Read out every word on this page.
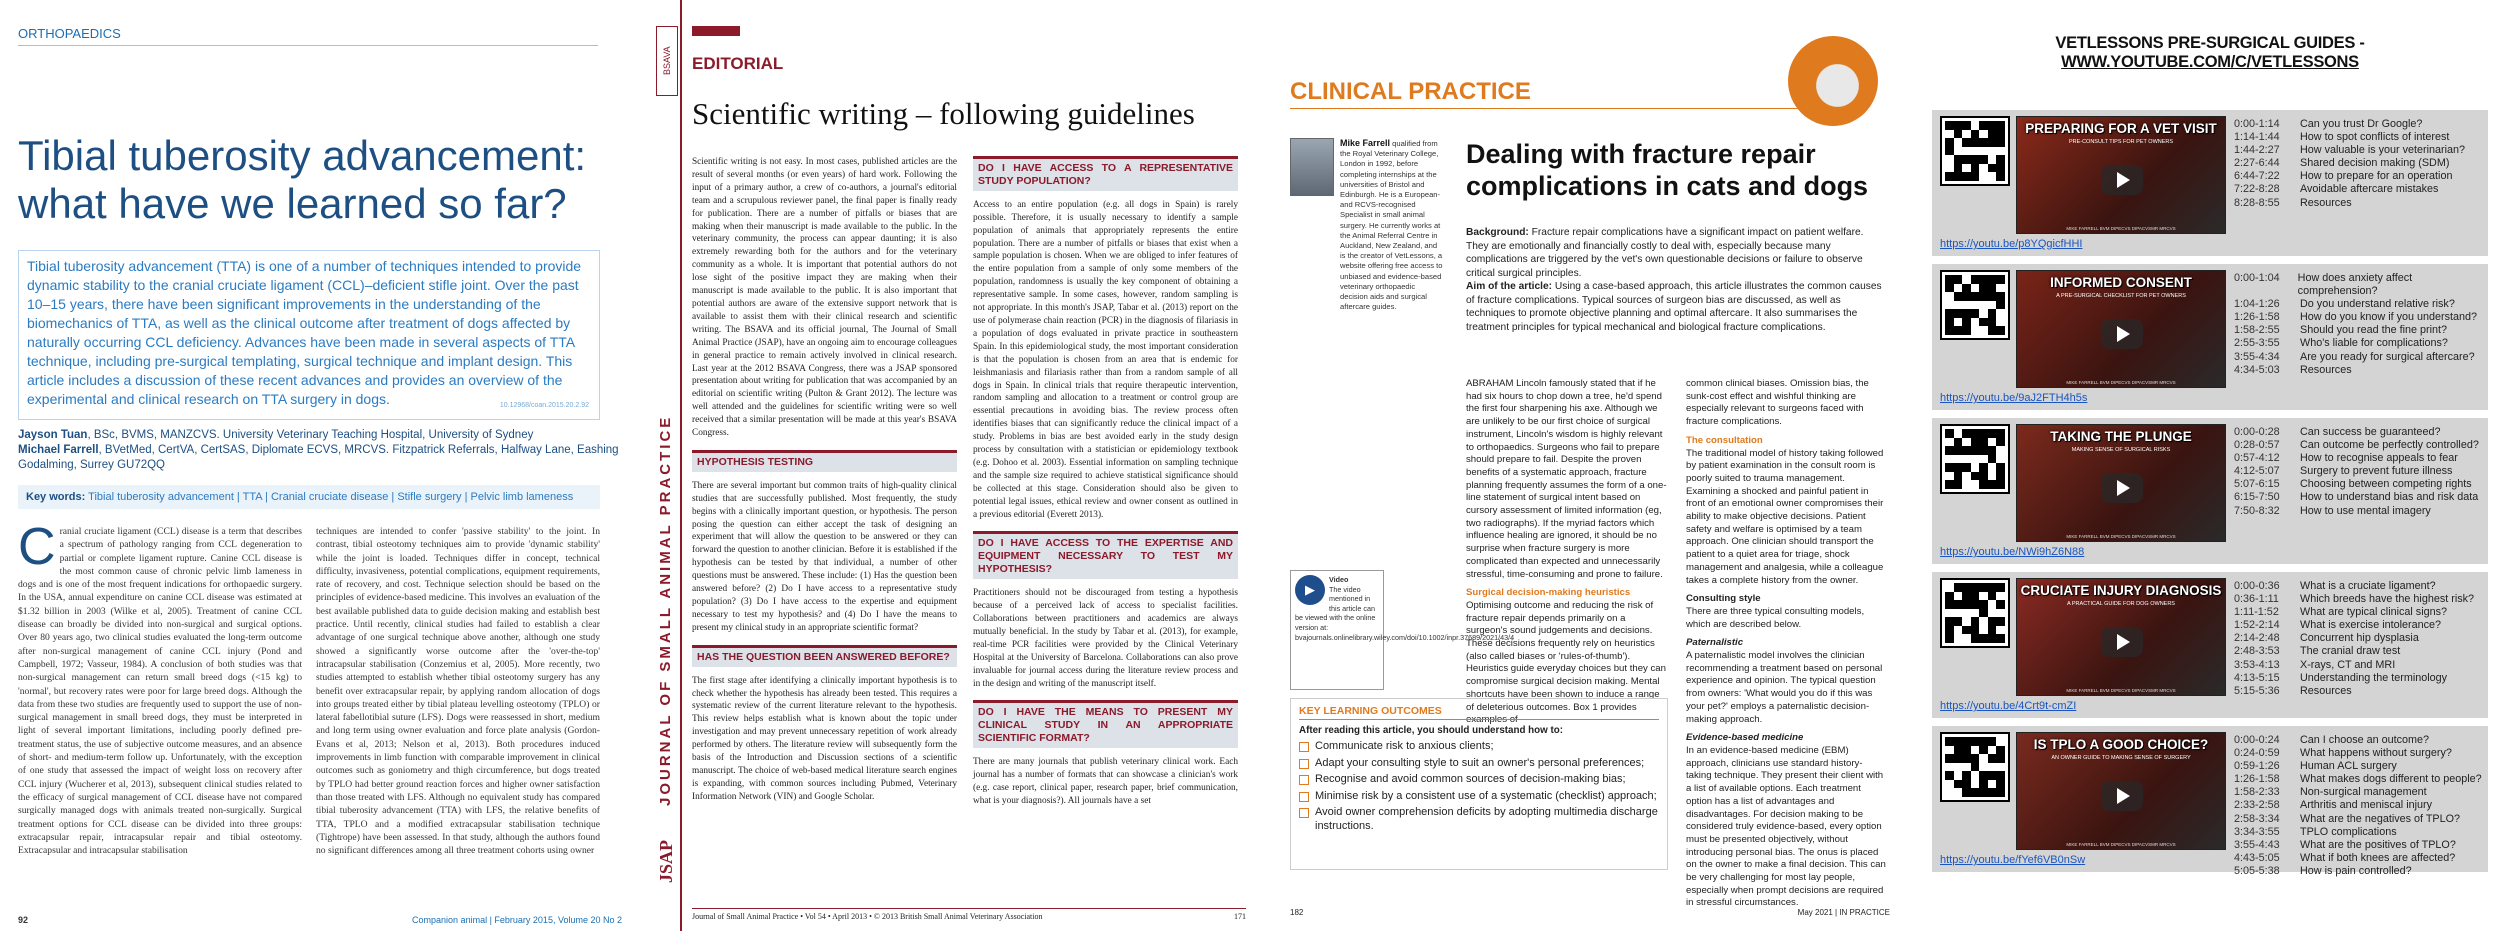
ORTHOPAEDICS
Tibial tuberosity advancement: what have we learned so far?
Tibial tuberosity advancement (TTA) is one of a number of techniques intended to provide dynamic stability to the cranial cruciate ligament (CCL)–deficient stifle joint. Over the past 10–15 years, there have been significant improvements in the understanding of the biomechanics of TTA, as well as the clinical outcome after treatment of dogs affected by naturally occurring CCL deficiency. Advances have been made in several aspects of TTA technique, including pre-surgical templating, surgical technique and implant design. This article includes a discussion of these recent advances and provides an overview of the experimental and clinical research on TTA surgery in dogs.	10.12968/coan.2015.20.2.92
Jayson Tuan, BSc, BVMS, MANZCVS. University Veterinary Teaching Hospital, University of Sydney
Michael Farrell, BVetMed, CertVA, CertSAS, Diplomate ECVS, MRCVS. Fitzpatrick Referrals, Halfway Lane, Eashing Godalming, Surrey GU72QQ
Key words: Tibial tuberosity advancement | TTA | Cranial cruciate disease | Stifle surgery | Pelvic limb lameness
Cranial cruciate ligament (CCL) disease is a term that describes a spectrum of pathology ranging from CCL degeneration to partial or complete ligament rupture. Canine CCL disease is the most common cause of chronic pelvic limb lameness in dogs and is one of the most frequent indications for orthopaedic surgery. In the USA, annual expenditure on canine CCL disease was estimated at $1.32 billion in 2003 (Wilke et al, 2005). Treatment of canine CCL disease can broadly be divided into non-surgical and surgical options. Over 80 years ago, two clinical studies evaluated the long-term outcome after non-surgical management of canine CCL injury (Pond and Campbell, 1972; Vasseur, 1984). A conclusion of both studies was that non-surgical management can return small breed dogs (<15 kg) to 'normal', but recovery rates were poor for large breed dogs. Although the data from these two studies are frequently used to support the use of non-surgical management in small breed dogs, they must be interpreted in light of several important limitations, including poorly defined pre-treatment status, the use of subjective outcome measures, and an absence of short- and medium-term follow up. Unfortunately, with the exception of one study that assessed the impact of weight loss on recovery after CCL injury (Wucherer et al, 2013), subsequent clinical studies related to the efficacy of surgical management of CCL disease have not compared surgically managed dogs with animals treated non-surgically. Surgical treatment options for CCL disease can be divided into three groups: extracapsular repair, intracapsular repair and tibial osteotomy. Extracapsular and intracapsular stabilisation
techniques are intended to confer 'passive stability' to the joint. In contrast, tibial osteotomy techniques aim to provide 'dynamic stability' while the joint is loaded. Techniques differ in concept, technical difficulty, invasiveness, potential complications, equipment requirements, rate of recovery, and cost. Technique selection should be based on the principles of evidence-based medicine. This involves an evaluation of the best available published data to guide decision making and establish best practice. Until recently, clinical studies had failed to establish a clear advantage of one surgical technique above another, although one study showed a significantly worse outcome after the 'over-the-top' intracapsular stabilisation (Conzemius et al, 2005). More recently, two studies attempted to establish whether tibial osteotomy surgery has any benefit over extracapsular repair, by applying random allocation of dogs into groups treated either by tibial plateau levelling osteotomy (TPLO) or lateral fabellotibial suture (LFS). Dogs were reassessed in short, medium and long term using owner evaluation and force plate analysis (Gordon-Evans et al, 2013; Nelson et al, 2013). Both procedures induced improvements in limb function with comparable improvement in clinical outcomes such as goniometry and thigh circumference, but dogs treated by TPLO had better ground reaction forces and higher owner satisfaction than those treated with LFS. Although no equivalent study has compared tibial tuberosity advancement (TTA) with LFS, the relative benefits of TTA, TPLO and a modified extracapsular stabilisation technique (Tightrope) have been assessed. In that study, although the authors found no significant differences among all three treatment cohorts using owner
92	Companion animal | February 2015, Volume 20 No 2
BSAVA
JOURNAL OF SMALL ANIMAL PRACTICE
JSAP
EDITORIAL
Scientific writing – following guidelines

Scientific writing is not easy. In most cases, published articles are the result of several months (or even years) of hard work. Following the input of a primary author, a crew of co-authors, a journal's editorial team and a scrupulous reviewer panel, the final paper is finally ready for publication. There are a number of pitfalls or biases that are making when their manuscript is made available to the public. In the veterinary community, the process can appear daunting; it is also extremely rewarding both for the authors and for the veterinary community as a whole. It is important that potential authors do not lose sight of the positive impact they are making when their manuscript is made available to the public. It is also important that potential authors are aware of the extensive support network that is available to assist them with their clinical research and scientific writing. The BSAVA and its official journal, The Journal of Small Animal Practice (JSAP), have an ongoing aim to encourage colleagues in general practice to remain actively involved in clinical research. Last year at the 2012 BSAVA Congress, there was a JSAP sponsored presentation about writing for publication that was accompanied by an editorial on scientific writing (Pulton & Grant 2012). The lecture was well attended and the guidelines for scientific writing were so well received that a similar presentation will be made at this year's BSAVA Congress.

HYPOTHESIS TESTING

There are several important but common traits of high-quality clinical studies that are successfully published. Most frequently, the study begins with a clinically important question, or hypothesis. The person posing the question can either accept the task of designing an experiment that will allow the question to be answered or they can forward the question to another clinician. Before it is established if the hypothesis can be tested by that individual, a number of other questions must be answered. These include: (1) Has the question been answered before? (2) Do I have access to a representative study population? (3) Do I have access to the expertise and equipment necessary to test my hypothesis? and (4) Do I have the means to present my clinical study in an appropriate scientific format?

HAS THE QUESTION BEEN ANSWERED BEFORE?

The first stage after identifying a clinically important hypothesis is to check whether the hypothesis has already been tested. This requires a systematic review of the current literature relevant to the hypothesis. This review helps establish what is known about the topic under investigation and may prevent unnecessary repetition of work already performed by others. The literature review will subsequently form the basis of the Introduction and Discussion sections of a scientific manuscript. The choice of web-based medical literature search engines is expanding, with common sources including Pubmed, Veterinary Information Network (VIN) and Google Scholar.

DO I HAVE ACCESS TO A REPRESENTATIVE STUDY POPULATION?

Access to an entire population (e.g. all dogs in Spain) is rarely possible. Therefore, it is usually necessary to identify a sample population of animals that appropriately represents the entire population. There are a number of pitfalls or biases that exist when a sample population is chosen. When we are obliged to infer features of the entire population from a sample of only some members of the population, randomness is usually the key component of obtaining a representative sample. In some cases, however, random sampling is not appropriate. In this month's JSAP, Tabar et al. (2013) report on the use of polymerase chain reaction (PCR) in the diagnosis of filariasis in a population of dogs evaluated in private practice in southeastern Spain. In this epidemiological study, the most important consideration is that the population is chosen from an area that is endemic for leishmaniasis and filariasis rather than from a random sample of all dogs in Spain. In clinical trials that require therapeutic intervention, random sampling and allocation to a treatment or control group are essential precautions in avoiding bias. The review process often identifies biases that can significantly reduce the clinical impact of a study. Problems in bias are best avoided early in the study design process by consultation with a statistician or epidemiology textbook (e.g. Dohoo et al. 2003). Essential information on sampling technique and the sample size required to achieve statistical significance should be collected at this stage. Consideration should also be given to potential legal issues, ethical review and owner consent as outlined in a previous editorial (Everett 2013).

DO I HAVE ACCESS TO THE EXPERTISE AND EQUIPMENT NECESSARY TO TEST MY HYPOTHESIS?

Practitioners should not be discouraged from testing a hypothesis because of a perceived lack of access to specialist facilities. Collaborations between practitioners and academics are always mutually beneficial. In the study by Tabar et al. (2013), for example, real-time PCR facilities were provided by the Clinical Veterinary Hospital at the University of Barcelona. Collaborations can also prove invaluable for journal access during the literature review process and in the design and writing of the manuscript itself.

DO I HAVE THE MEANS TO PRESENT MY CLINICAL STUDY IN AN APPROPRIATE SCIENTIFIC FORMAT?

There are many journals that publish veterinary clinical work. Each journal has a number of formats that can showcase a clinician's work (e.g. case report, clinical paper, research paper, brief communication, what is your diagnosis?). All journals have a set

Journal of Small Animal Practice • Vol 54 • April 2013 • © 2013 British Small Animal Veterinary Association	171
CLINICAL PRACTICE
Mike Farrell qualified from the Royal Veterinary College, London in 1992, before completing internships at the universities of Bristol and Edinburgh. He is a European- and RCVS-recognised Specialist in small animal surgery. He currently works at the Animal Referral Centre in Auckland, New Zealand, and is the creator of VetLessons, a website offering free access to unbiased and evidence-based veterinary orthopaedic decision aids and surgical aftercare guides.
Dealing with fracture repair complications in cats and dogs
Background: Fracture repair complications have a significant impact on patient welfare. They are emotionally and financially costly to deal with, especially because many complications are triggered by the vet's own questionable decisions or failure to observe critical surgical principles.
Aim of the article: Using a case-based approach, this article illustrates the common causes of fracture complications. Typical sources of surgeon bias are discussed, as well as techniques to promote objective planning and optimal aftercare. It also summarises the treatment principles for typical mechanical and biological fracture complications.
▶
Video
The video mentioned in this article can be viewed with the online version at: bvajournals.onlinelibrary.wiley.com/doi/10.1002/inpr.37689/2021/43/4

ABRAHAM Lincoln famously stated that if he had six hours to chop down a tree, he'd spend the first four sharpening his axe. Although we are unlikely to be our first choice of surgical instrument, Lincoln's wisdom is highly relevant to orthopaedics. Surgeons who fail to prepare should prepare to fail. Despite the proven benefits of a systematic approach, fracture planning frequently assumes the form of a one-line statement of surgical intent based on cursory assessment of limited information (eg, two radiographs). If the myriad factors which influence healing are ignored, it should be no surprise when fracture surgery is more complicated than expected and unnecessarily stressful, time-consuming and prone to failure.

Surgical decision-making heuristics

Optimising outcome and reducing the risk of fracture repair depends primarily on a surgeon's sound judgements and decisions. These decisions frequently rely on heuristics (also called biases or 'rules-of-thumb'). Heuristics guide everyday choices but they can compromise surgical decision making. Mental shortcuts have been shown to induce a range of deleterious outcomes. Box 1 provides examples of

common clinical biases. Omission bias, the sunk-cost effect and wishful thinking are especially relevant to surgeons faced with fracture complications.

The consultation

The traditional model of history taking followed by patient examination in the consult room is poorly suited to trauma management. Examining a shocked and painful patient in front of an emotional owner compromises their ability to make objective decisions. Patient safety and welfare is optimised by a team approach. One clinician should transport the patient to a quiet area for triage, shock management and analgesia, while a colleague takes a complete history from the owner.

Consulting style

There are three typical consulting models, which are described below.

Paternalistic

A paternalistic model involves the clinician recommending a treatment based on personal experience and opinion. The typical question from owners: 'What would you do if this was your pet?' employs a paternalistic decision-making approach.

Evidence-based medicine

In an evidence-based medicine (EBM) approach, clinicians use standard history-taking technique. They present their client with a list of available options. Each treatment option has a list of advantages and disadvantages. For decision making to be considered truly evidence-based, every option must be presented objectively, without introducing personal bias. The onus is placed on the owner to make a final decision. This can be very challenging for most lay people, especially when prompt decisions are required in stressful circumstances.

KEY LEARNING OUTCOMES
After reading this article, you should understand how to:
Communicate risk to anxious clients;
Adapt your consulting style to suit an owner's personal preferences;
Recognise and avoid common sources of decision-making bias;
Minimise risk by a consistent use of a systematic (checklist) approach;
Avoid owner comprehension deficits by adopting multimedia discharge instructions.
182	May 2021 | IN PRACTICE
VETLESSONS PRE-SURGICAL GUIDES - WWW.YOUTUBE.COM/C/VETLESSONS
PREPARING FOR A VET VISIT
PRE-CONSULT TIPS FOR PET OWNERS
MIKE FARRELL BVM DIPECVS DIPACVSMR MRCVS
https://youtu.be/p8YQgicfHHI
0:00-1:14	Can you trust Dr Google?
1:14-1:44	How to spot conflicts of interest
1:44-2:27	How valuable is your veterinarian?
2:27-6:44	Shared decision making (SDM)
6:44-7:22	How to prepare for an operation
7:22-8:28	Avoidable aftercare mistakes
8:28-8:55	Resources
INFORMED CONSENT
A PRE-SURGICAL CHECKLIST FOR PET OWNERS
MIKE FARRELL BVM DIPECVS DIPACVSMR MRCVS
https://youtu.be/9aJ2FTH4h5s
0:00-1:04	How does anxiety affect comprehension?
1:04-1:26	Do you understand relative risk?
1:26-1:58	How do you know if you understand?
1:58-2:55	Should you read the fine print?
2:55-3:55	Who's liable for complications?
3:55-4:34	Are you ready for surgical aftercare?
4:34-5:03	Resources
TAKING THE PLUNGE
MAKING SENSE OF SURGICAL RISKS
MIKE FARRELL BVM DIPECVS DIPACVSMR MRCVS
https://youtu.be/NWi9hZ6N88
0:00-0:28	Can success be guaranteed?
0:28-0:57	Can outcome be perfectly controlled?
0:57-4:12	How to recognise appeals to fear
4:12-5:07	Surgery to prevent future illness
5:07-6:15	Choosing between competing rights
6:15-7:50	How to understand bias and risk data
7:50-8:32	How to use mental imagery
CRUCIATE INJURY DIAGNOSIS
A PRACTICAL GUIDE FOR DOG OWNERS
MIKE FARRELL BVM DIPECVS DIPACVSMR MRCVS
https://youtu.be/4Crt9t-cmZI
0:00-0:36	What is a cruciate ligament?
0:36-1:11	Which breeds have the highest risk?
1:11-1:52	What are typical clinical signs?
1:52-2:14	What is exercise intolerance?
2:14-2:48	Concurrent hip dysplasia
2:48-3:53	The cranial draw test
3:53-4:13	X-rays, CT and MRI
4:13-5:15	Understanding the terminology
5:15-5:36	Resources
IS TPLO A GOOD CHOICE?
AN OWNER GUIDE TO MAKING SENSE OF SURGERY
MIKE FARRELL BVM DIPECVS DIPACVSMR MRCVS
https://youtu.be/fYef6VB0nSw
0:00-0:24	Can I choose an outcome?
0:24-0:59	What happens without surgery?
0:59-1:26	Human ACL surgery
1:26-1:58	What makes dogs different to people?
1:58-2:33	Non-surgical management
2:33-2:58	Arthritis and meniscal injury
2:58-3:34	What are the negatives of TPLO?
3:34-3:55	TPLO complications
3:55-4:43	What are the positives of TPLO?
4:43-5:05	What if both knees are affected?
5:05-5:38	How is pain controlled?
